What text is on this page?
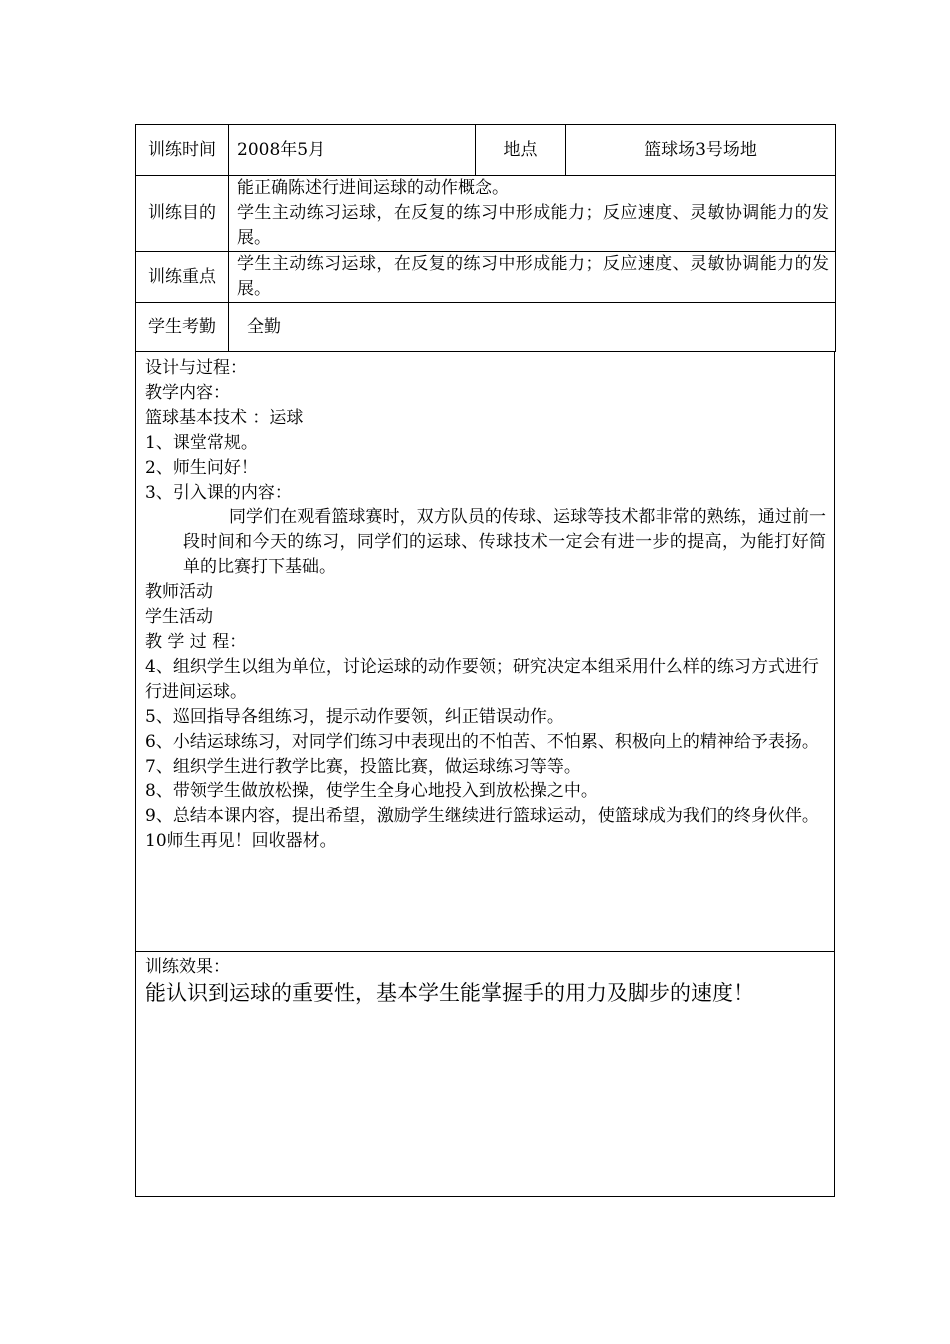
训练时间	2008年5月	地点	篮球场3号场地
训练目的	能正确陈述行进间运球的动作概念。
学生主动练习运球，在反复的练习中形成能力；反应速度、灵敏协调能力的发展。		

训练重点	学生主动练习运球，在反复的练习中形成能力；反应速度、灵敏协调能力的发展。		
学生考勤	全勤		

设计与过程：

教学内容：

篮球基本技术 ：运球

1、课堂常规。

2、师生问好！

3、引入课的内容：

同学们在观看篮球赛时，双方队员的传球、运球等技术都非常的熟练，通过前一段时间和今天的练习，同学们的运球、传球技术一定会有进一步的提高，为能打好简单的比赛打下基础。

教师活动

学生活动

教 学 过 程：

4、组织学生以组为单位，讨论运球的动作要领；研究决定本组采用什么样的练习方式进行行进间运球。

5、巡回指导各组练习，提示动作要领，纠正错误动作。

6、小结运球练习，对同学们练习中表现出的不怕苦、不怕累、积极向上的精神给予表扬。

7、组织学生进行教学比赛，投篮比赛，做运球练习等等。

8、带领学生做放松操，使学生全身心地投入到放松操之中。

9、总结本课内容，提出希望，激励学生继续进行篮球运动，使篮球成为我们的终身伙伴。

10师生再见！回收器材。

训练效果：

能认识到运球的重要性，基本学生能掌握手的用力及脚步的速度！
